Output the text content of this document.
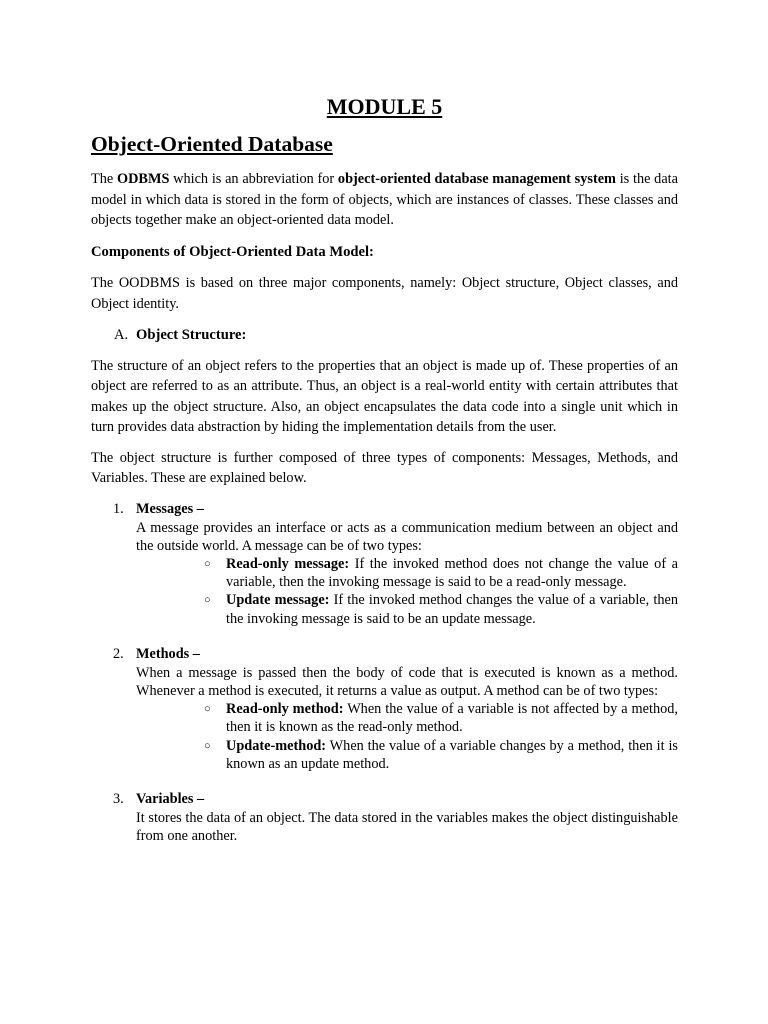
MODULE 5
Object-Oriented Database

The ODBMS which is an abbreviation for object-oriented database management system is the data model in which data is stored in the form of objects, which are instances of classes. These classes and objects together make an object-oriented data model.

Components of Object-Oriented Data Model:

The OODBMS is based on three major components, namely: Object structure, Object classes, and Object identity.

A. Object Structure:

The structure of an object refers to the properties that an object is made up of. These properties of an object are referred to as an attribute. Thus, an object is a real-world entity with certain attributes that makes up the object structure. Also, an object encapsulates the data code into a single unit which in turn provides data abstraction by hiding the implementation details from the user.

The object structure is further composed of three types of components: Messages, Methods, and Variables. These are explained below.

1. Messages –

A message provides an interface or acts as a communication medium between an object and the outside world. A message can be of two types:

○ Read-only message: If the invoked method does not change the value of a variable, then the invoking message is said to be a read-only message.
○ Update message: If the invoked method changes the value of a variable, then the invoking message is said to be an update message.
2. Methods –

When a message is passed then the body of code that is executed is known as a method. Whenever a method is executed, it returns a value as output. A method can be of two types:

○ Read-only method: When the value of a variable is not affected by a method, then it is known as the read-only method.
○ Update-method: When the value of a variable changes by a method, then it is known as an update method.
3. Variables –

It stores the data of an object. The data stored in the variables makes the object distinguishable from one another.
